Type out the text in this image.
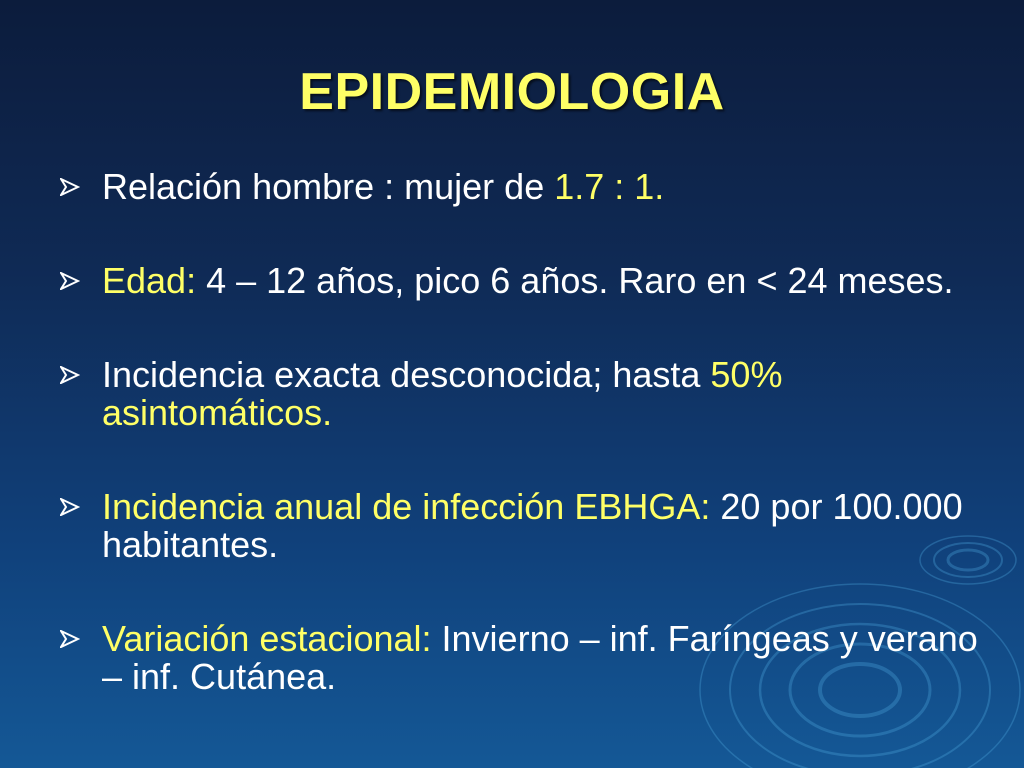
EPIDEMIOLOGIA
Relación hombre : mujer de 1.7 : 1.
Edad: 4 – 12 años, pico 6 años. Raro en < 24 meses.
Incidencia exacta desconocida; hasta 50% asintomáticos.
Incidencia anual de infección EBHGA: 20 por 100.000 habitantes.
Variación estacional: Invierno – inf. Faríngeas y verano – inf. Cutánea.
